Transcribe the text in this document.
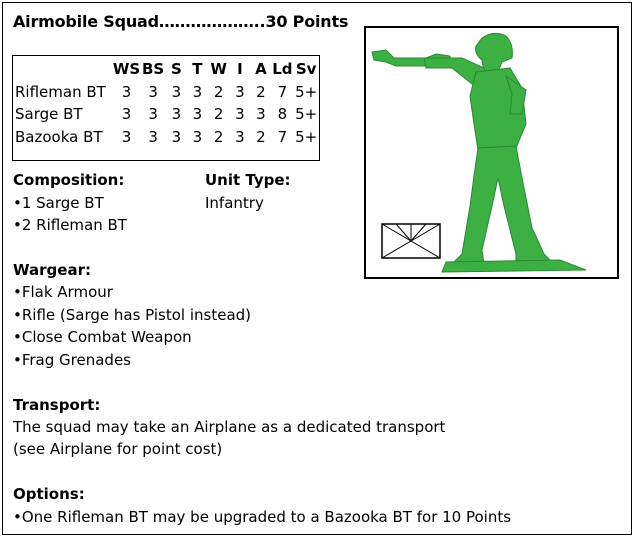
Airmobile Squad………………..30 Points
	WS	BS	S	T	W	I	A	Ld	Sv
Rifleman BT	3	3	3	3	2	3	2	7	5+
Sarge BT	3	3	3	3	2	3	3	8	5+
Bazooka BT	3	3	3	3	2	3	2	7	5+
Composition:
•1 Sarge BT
•2 Rifleman BT
Unit Type:
Infantry
Wargear:
•Flak Armour
•Rifle (Sarge has Pistol instead)
•Close Combat Weapon
•Frag Grenades
Transport:
The squad may take an Airplane as a dedicated transport
(see Airplane for point cost)
Options:
•One Rifleman BT may be upgraded to a Bazooka BT for 10 Points
